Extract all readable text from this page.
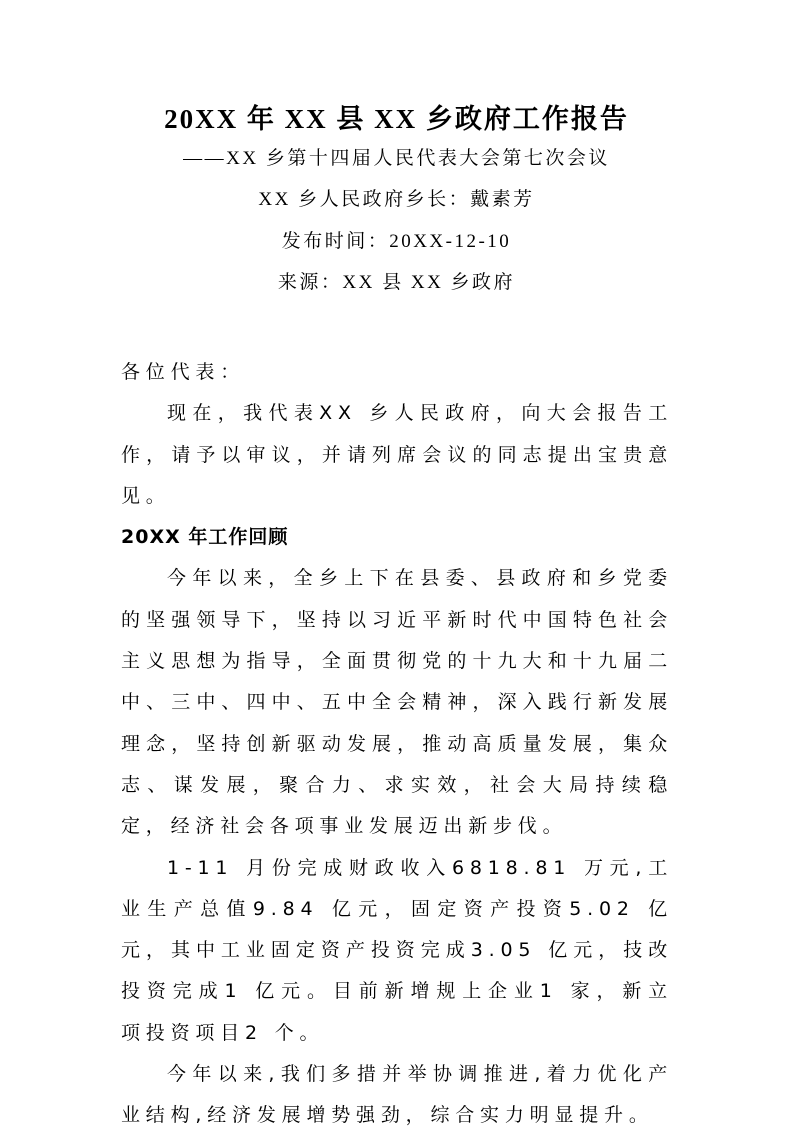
20XX 年 XX 县 XX 乡政府工作报告
——XX 乡第十四届人民代表大会第七次会议
XX 乡人民政府乡长：戴素芳
发布时间：20XX-12-10
来源：XX 县 XX 乡政府

各位代表：

现在，我代表XX 乡人民政府，向大会报告工作，请予以审议，并请列席会议的同志提出宝贵意见。

20XX 年工作回顾

今年以来，全乡上下在县委、县政府和乡党委的坚强领导下，坚持以习近平新时代中国特色社会主义思想为指导，全面贯彻党的十九大和十九届二中、三中、四中、五中全会精神，深入践行新发展理念，坚持创新驱动发展，推动高质量发展，集众志、谋发展，聚合力、求实效，社会大局持续稳定，经济社会各项事业发展迈出新步伐。

1-11 月份完成财政收入6818.81 万元,工业生产总值9.84 亿元，固定资产投资5.02 亿元，其中工业固定资产投资完成3.05 亿元，技改投资完成1 亿元。目前新增规上企业1 家，新立项投资项目2 个。

今年以来,我们多措并举协调推进,着力优化产业结构,经济发展增势强劲，综合实力明显提升。
